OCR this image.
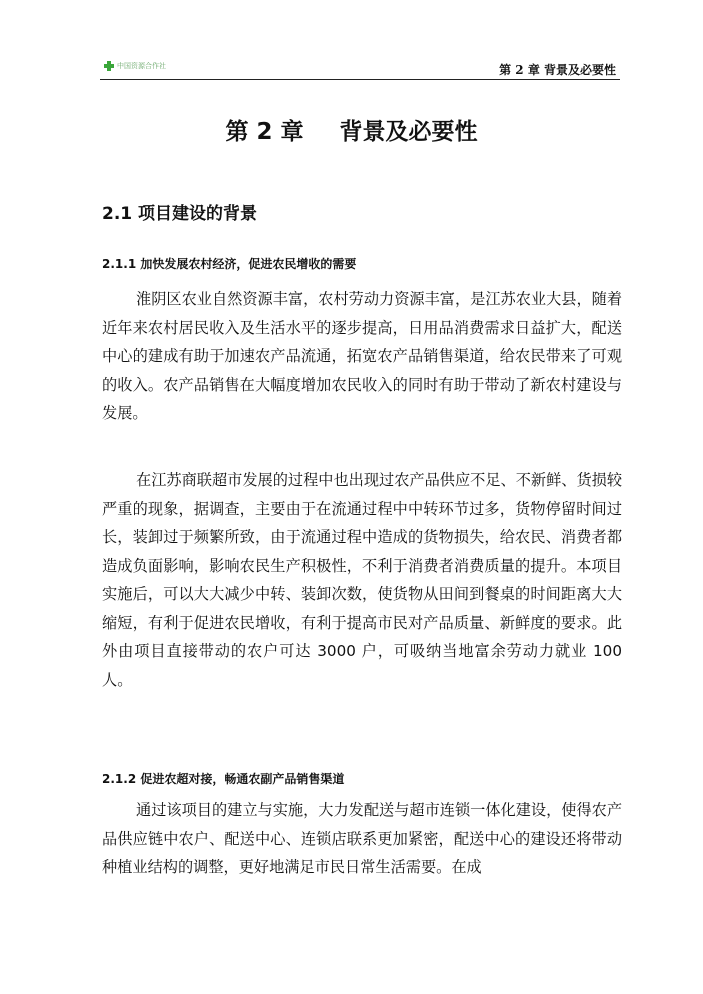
中国资源合作社	第 2 章 背景及必要性
第 2 章 背景及必要性
2.1 项目建设的背景
2.1.1 加快发展农村经济，促进农民增收的需要

淮阴区农业自然资源丰富，农村劳动力资源丰富，是江苏农业大县，随着近年来农村居民收入及生活水平的逐步提高，日用品消费需求日益扩大，配送中心的建成有助于加速农产品流通，拓宽农产品销售渠道，给农民带来了可观的收入。农产品销售在大幅度增加农民收入的同时有助于带动了新农村建设与发展。

在江苏商联超市发展的过程中也出现过农产品供应不足、不新鲜、货损较严重的现象，据调查，主要由于在流通过程中中转环节过多，货物停留时间过长，装卸过于频繁所致，由于流通过程中造成的货物损失，给农民、消费者都造成负面影响，影响农民生产积极性，不利于消费者消费质量的提升。本项目实施后，可以大大减少中转、装卸次数，使货物从田间到餐桌的时间距离大大缩短，有利于促进农民增收，有利于提高市民对产品质量、新鲜度的要求。此外由项目直接带动的农户可达 3000 户，可吸纳当地富余劳动力就业 100 人。

2.1.2 促进农超对接，畅通农副产品销售渠道

通过该项目的建立与实施，大力发配送与超市连锁一体化建设，使得农产品供应链中农户、配送中心、连锁店联系更加紧密，配送中心的建设还将带动种植业结构的调整，更好地满足市民日常生活需要。在成
